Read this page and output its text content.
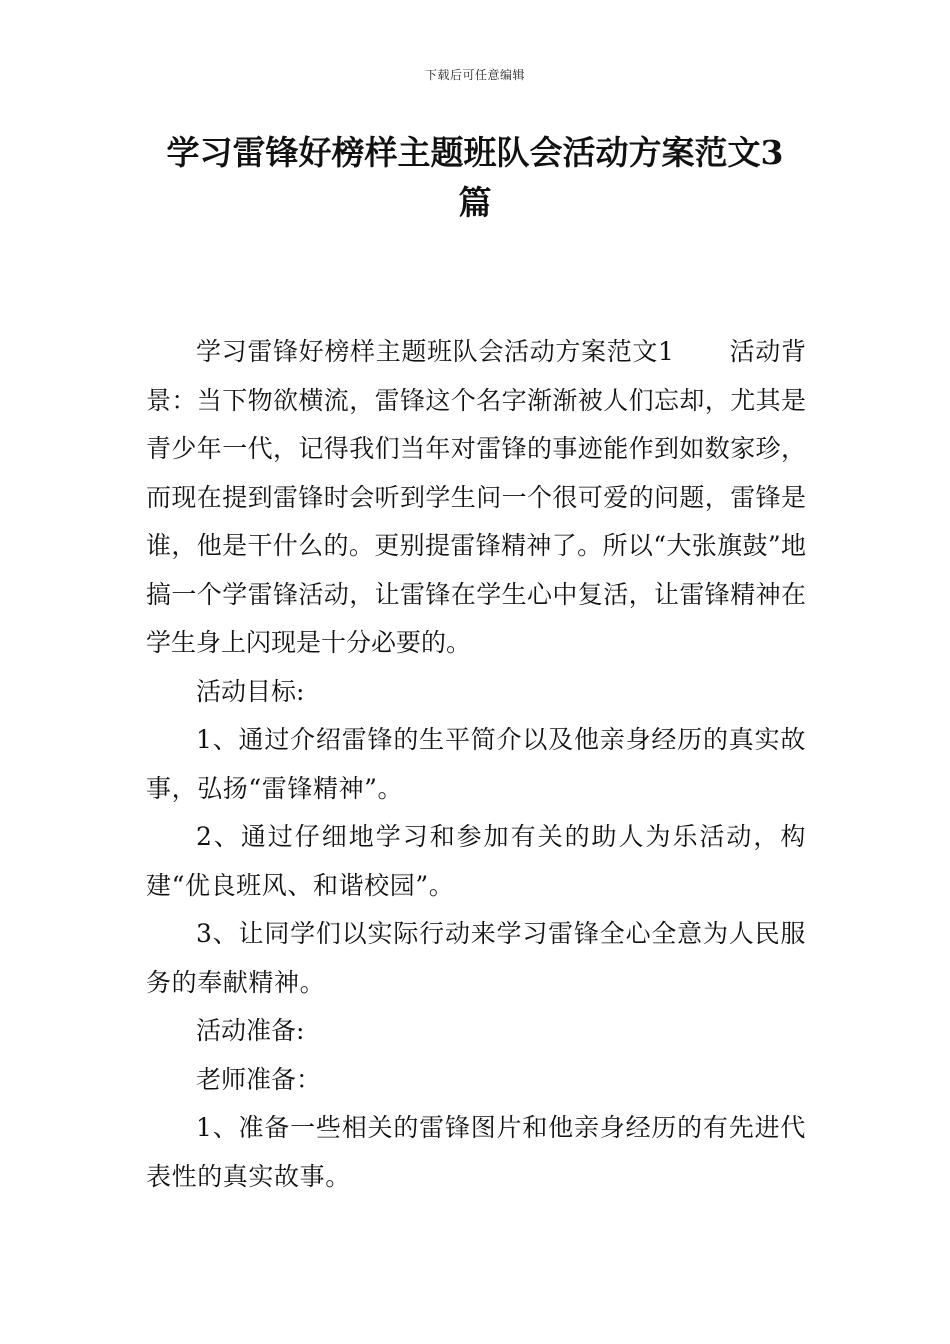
下载后可任意编辑
学习雷锋好榜样主题班队会活动方案范文3
篇

学习雷锋好榜样主题班队会活动方案范文1 活动背景：当下物欲横流，雷锋这个名字渐渐被人们忘却，尤其是青少年一代，记得我们当年对雷锋的事迹能作到如数家珍，而现在提到雷锋时会听到学生问一个很可爱的问题，雷锋是谁，他是干什么的。更别提雷锋精神了。所以“大张旗鼓”地搞一个学雷锋活动，让雷锋在学生心中复活，让雷锋精神在学生身上闪现是十分必要的。

活动目标:

1、通过介绍雷锋的生平简介以及他亲身经历的真实故事，弘扬“雷锋精神”。

2、通过仔细地学习和参加有关的助人为乐活动，构建“优良班风、和谐校园”。

3、让同学们以实际行动来学习雷锋全心全意为人民服务的奉献精神。

活动准备:

老师准备：

1、准备一些相关的雷锋图片和他亲身经历的有先进代表性的真实故事。
